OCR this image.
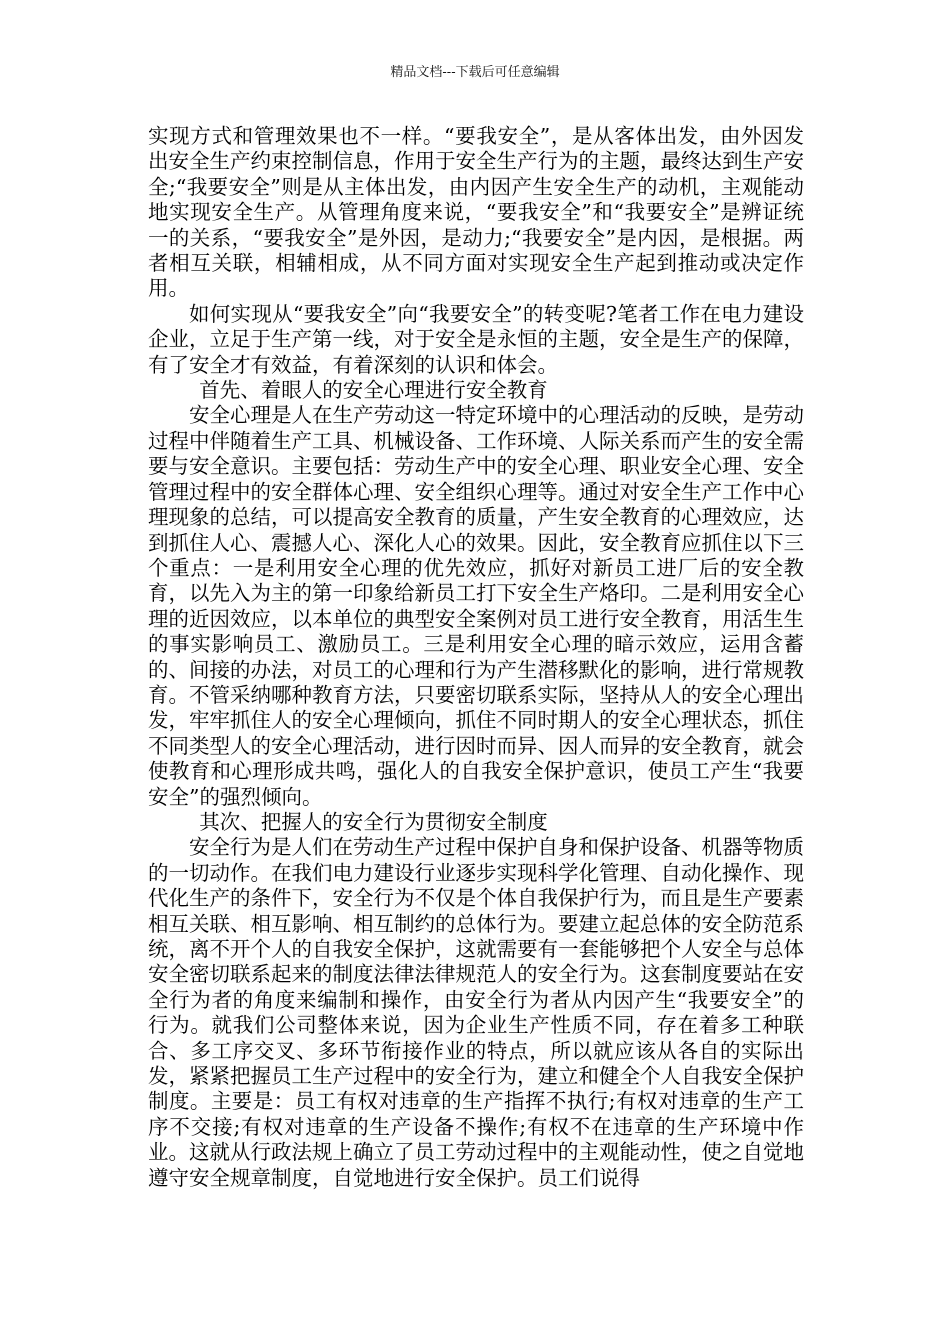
精品文档---下载后可任意编辑

实现方式和管理效果也不一样。“要我安全”，是从客体出发，由外因发出安全生产约束控制信息，作用于安全生产行为的主题，最终达到生产安全;“我要安全”则是从主体出发，由内因产生安全生产的动机，主观能动地实现安全生产。从管理角度来说，“要我安全”和“我要安全”是辨证统一的关系，“要我安全”是外因，是动力;“我要安全”是内因，是根据。两者相互关联，相辅相成，从不同方面对实现安全生产起到推动或决定作用。

如何实现从“要我安全”向“我要安全”的转变呢?笔者工作在电力建设企业，立足于生产第一线，对于安全是永恒的主题，安全是生产的保障，有了安全才有效益，有着深刻的认识和体会。

首先、着眼人的安全心理进行安全教育

安全心理是人在生产劳动这一特定环境中的心理活动的反映，是劳动过程中伴随着生产工具、机械设备、工作环境、人际关系而产生的安全需要与安全意识。主要包括：劳动生产中的安全心理、职业安全心理、安全管理过程中的安全群体心理、安全组织心理等。通过对安全生产工作中心理现象的总结，可以提高安全教育的质量，产生安全教育的心理效应，达到抓住人心、震撼人心、深化人心的效果。因此，安全教育应抓住以下三个重点：一是利用安全心理的优先效应，抓好对新员工进厂后的安全教育，以先入为主的第一印象给新员工打下安全生产烙印。二是利用安全心理的近因效应，以本单位的典型安全案例对员工进行安全教育，用活生生的事实影响员工、激励员工。三是利用安全心理的暗示效应，运用含蓄的、间接的办法，对员工的心理和行为产生潜移默化的影响，进行常规教育。不管采纳哪种教育方法，只要密切联系实际，坚持从人的安全心理出发，牢牢抓住人的安全心理倾向，抓住不同时期人的安全心理状态，抓住不同类型人的安全心理活动，进行因时而异、因人而异的安全教育，就会使教育和心理形成共鸣，强化人的自我安全保护意识，使员工产生“我要安全”的强烈倾向。

其次、把握人的安全行为贯彻安全制度

安全行为是人们在劳动生产过程中保护自身和保护设备、机器等物质的一切动作。在我们电力建设行业逐步实现科学化管理、自动化操作、现代化生产的条件下，安全行为不仅是个体自我保护行为，而且是生产要素相互关联、相互影响、相互制约的总体行为。要建立起总体的安全防范系统，离不开个人的自我安全保护，这就需要有一套能够把个人安全与总体安全密切联系起来的制度法律法律规范人的安全行为。这套制度要站在安全行为者的角度来编制和操作，由安全行为者从内因产生“我要安全”的行为。就我们公司整体来说，因为企业生产性质不同，存在着多工种联合、多工序交叉、多环节衔接作业的特点，所以就应该从各自的实际出发，紧紧把握员工生产过程中的安全行为，建立和健全个人自我安全保护制度。主要是：员工有权对违章的生产指挥不执行;有权对违章的生产工序不交接;有权对违章的生产设备不操作;有权不在违章的生产环境中作业。这就从行政法规上确立了员工劳动过程中的主观能动性，使之自觉地遵守安全规章制度，自觉地进行安全保护。员工们说得
